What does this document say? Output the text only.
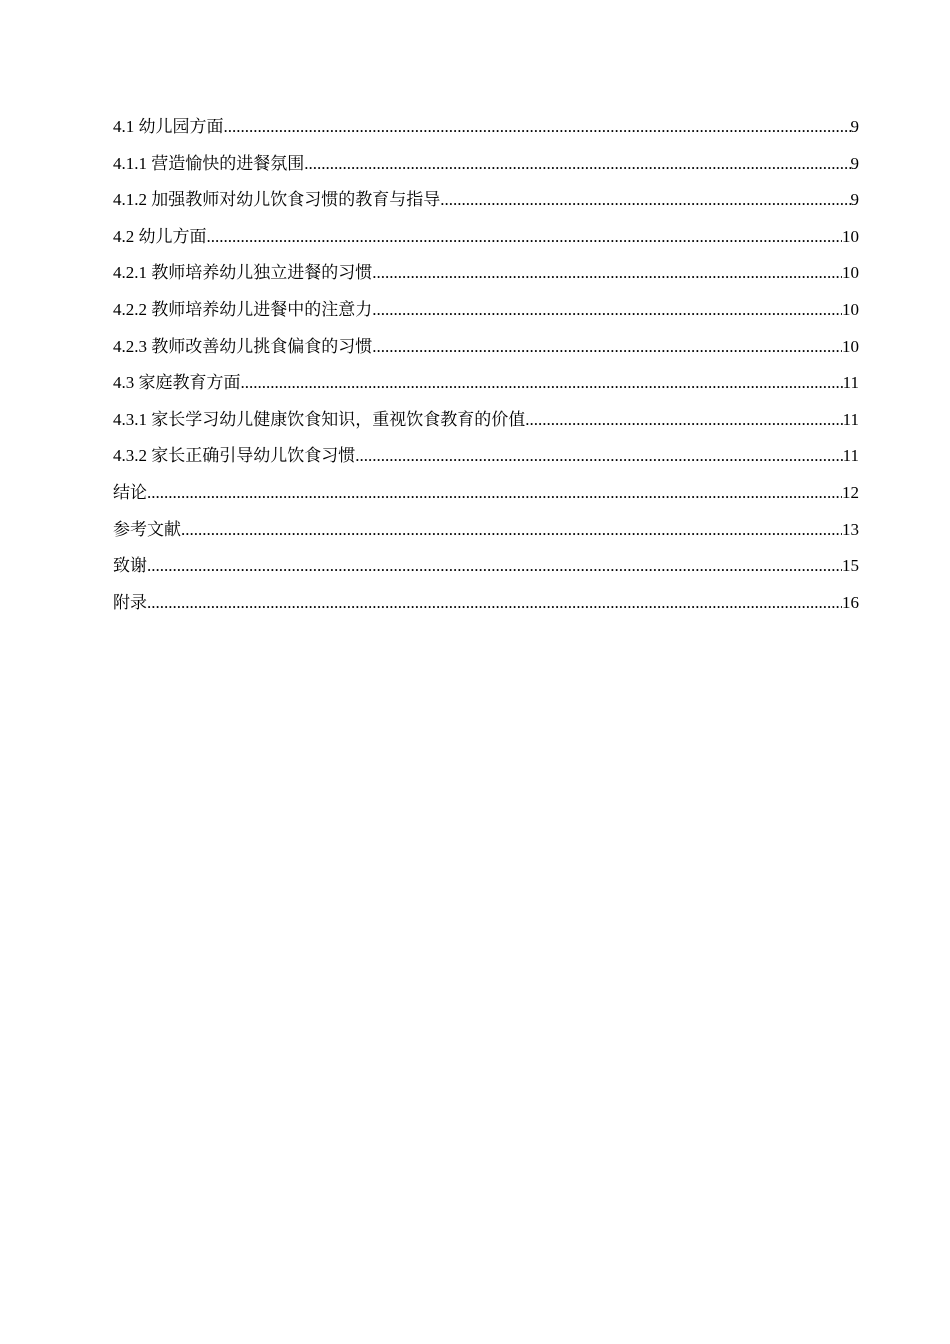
4.1 幼儿园方面 .....	9
4.1.1 营造愉快的进餐氛围 .....	9
4.1.2 加强教师对幼儿饮食习惯的教育与指导 .....	9
4.2 幼儿方面 .....	10
4.2.1 教师培养幼儿独立进餐的习惯 .....	10
4.2.2 教师培养幼儿进餐中的注意力 .....	10
4.2.3 教师改善幼儿挑食偏食的习惯 .....	10
4.3 家庭教育方面 .....	11
4.3.1 家长学习幼儿健康饮食知识，重视饮食教育的价值 .....	11
4.3.2 家长正确引导幼儿饮食习惯 .....	11
结论 .....	12
参考文献 .....	13
致谢 .....	15
附录 .....	16
